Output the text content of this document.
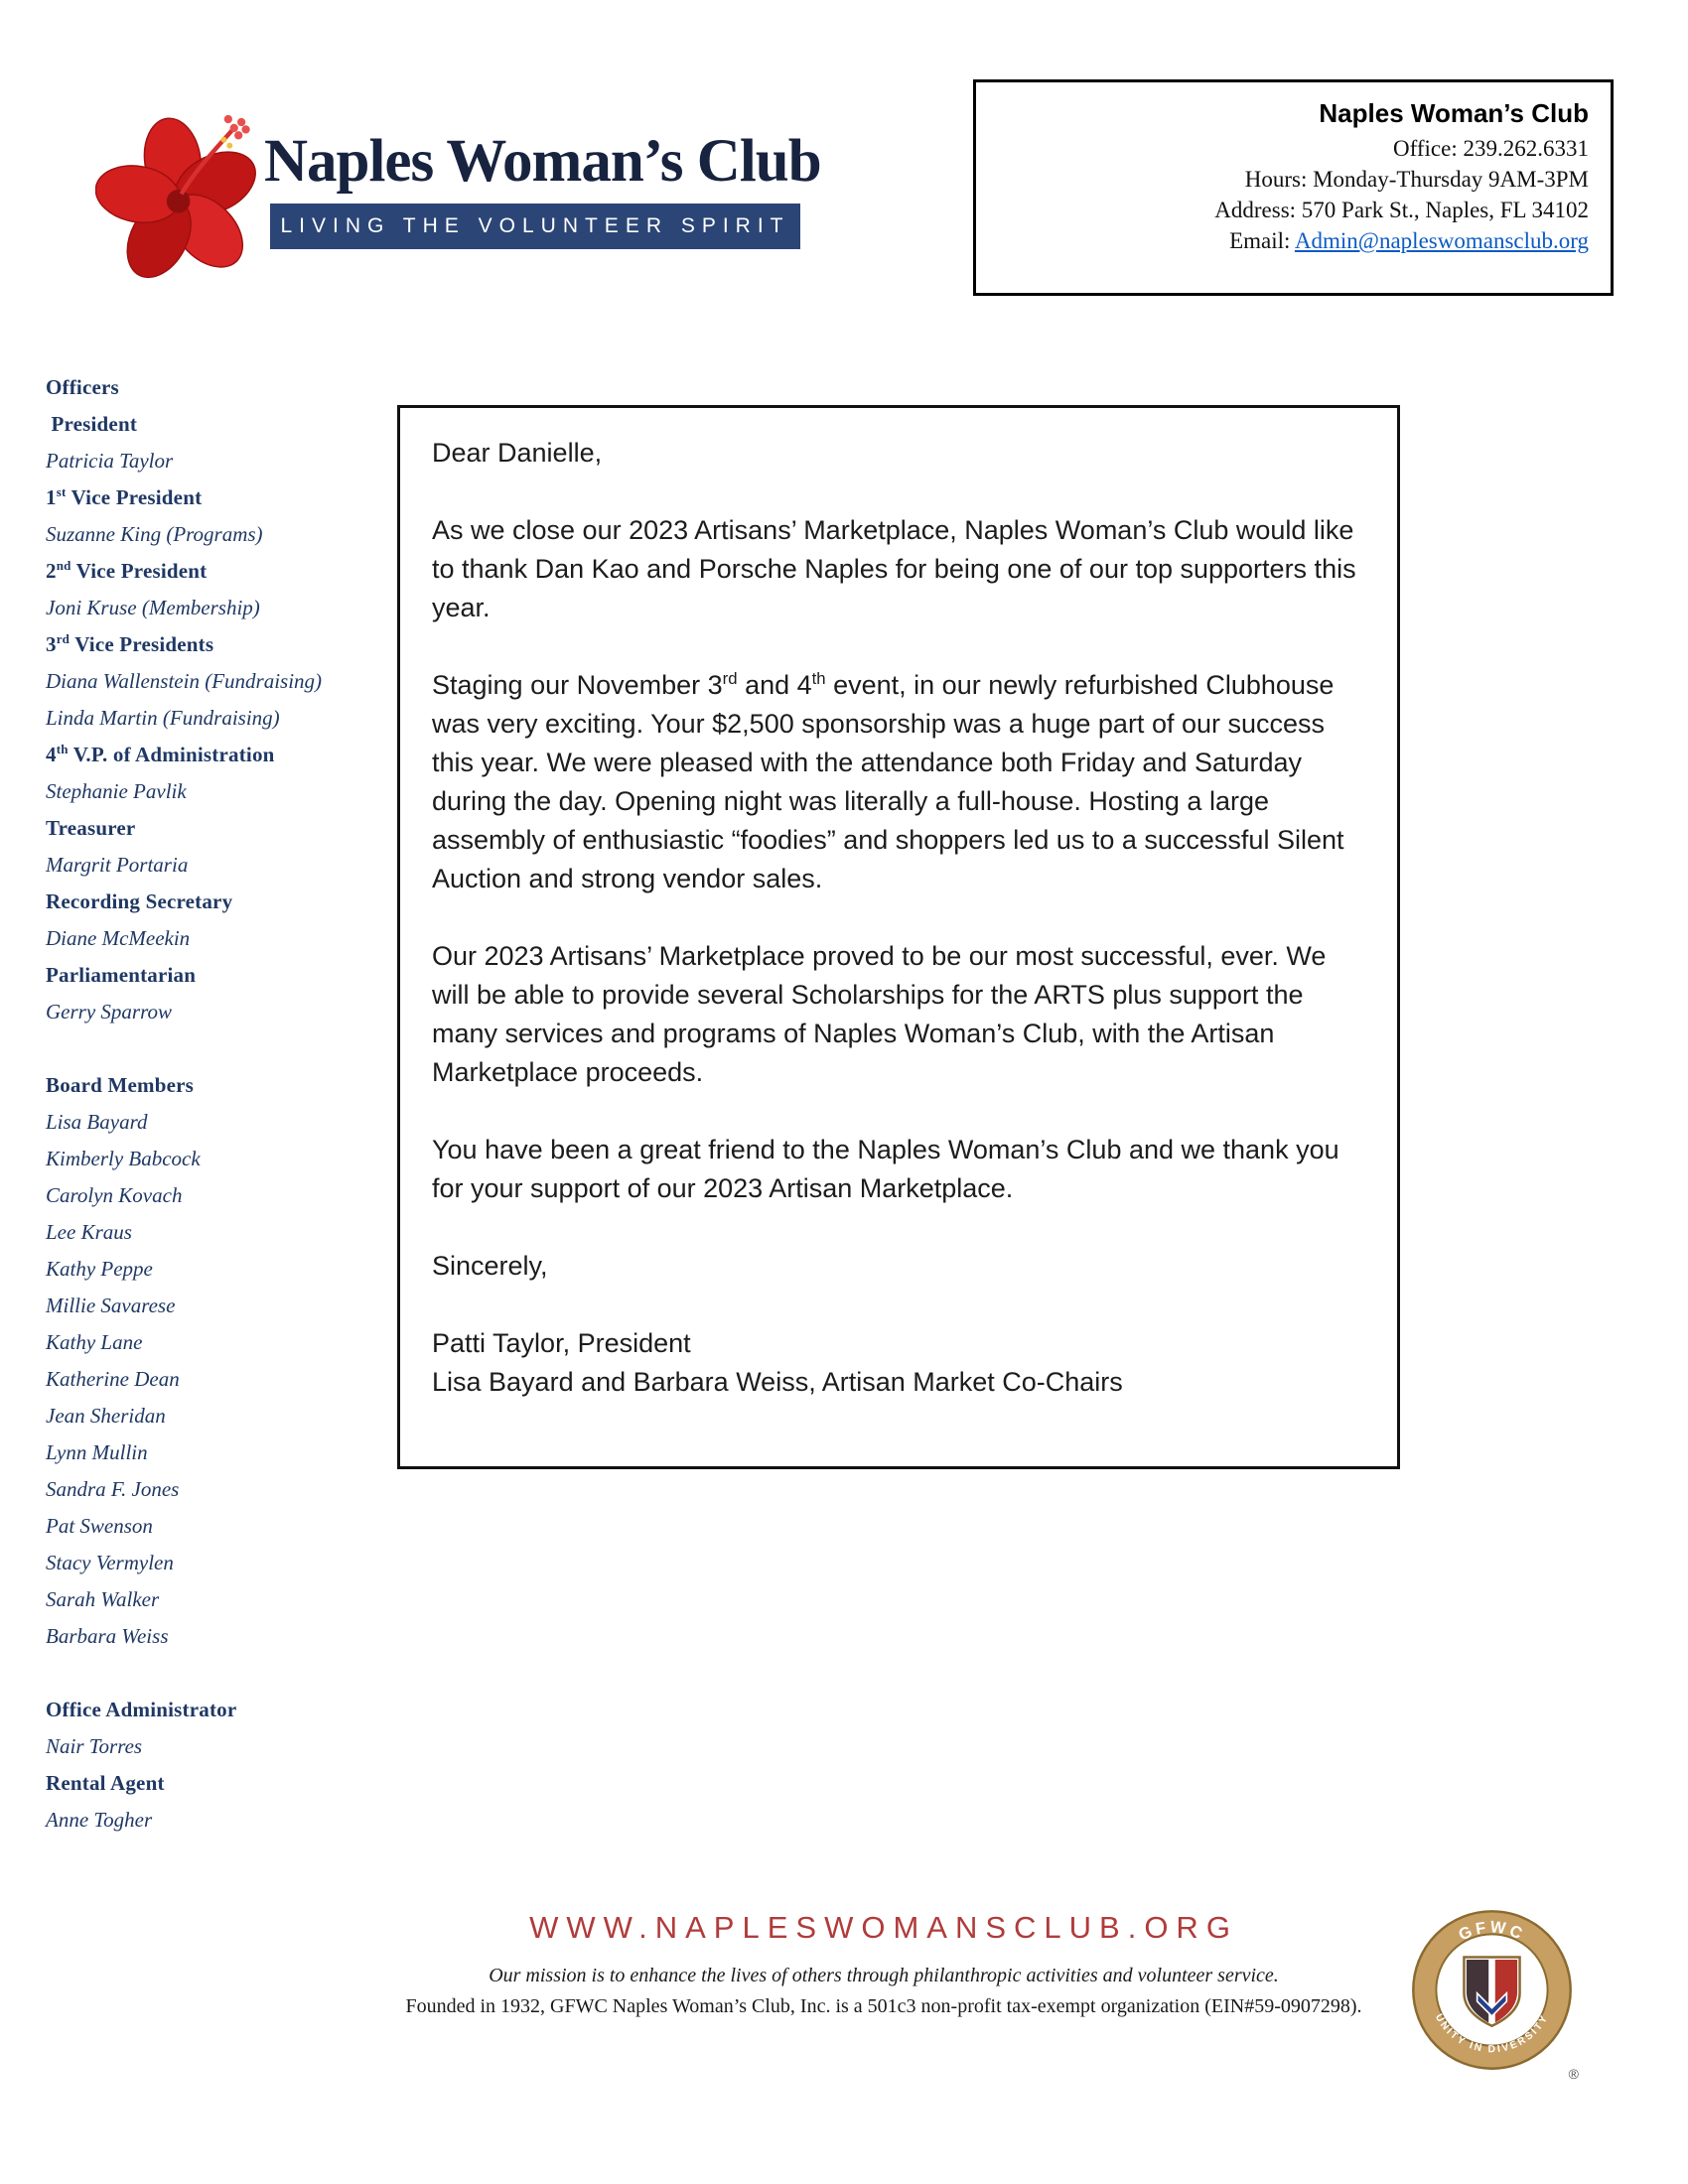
Naples Woman’s Club
LIVING THE VOLUNTEER SPIRIT
Naples Woman’s Club
Office: 239.262.6331
Hours: Monday-Thursday 9AM-3PM
Address: 570 Park St., Naples, FL 34102
Email: Admin@napleswomansclub.org
Officers
President
Patricia Taylor
1st Vice President
Suzanne King (Programs)
2nd Vice President
Joni Kruse (Membership)
3rd Vice Presidents
Diana Wallenstein (Fundraising)
Linda Martin (Fundraising)
4th V.P. of Administration
Stephanie Pavlik
Treasurer
Margrit Portaria
Recording Secretary
Diane McMeekin
Parliamentarian
Gerry Sparrow
Board Members
Lisa Bayard
Kimberly Babcock
Carolyn Kovach
Lee Kraus
Kathy Peppe
Millie Savarese
Kathy Lane
Katherine Dean
Jean Sheridan
Lynn Mullin
Sandra F. Jones
Pat Swenson
Stacy Vermylen
Sarah Walker
Barbara Weiss
Office Administrator
Nair Torres
Rental Agent
Anne Togher

Dear Danielle,

As we close our 2023 Artisans’ Marketplace, Naples Woman’s Club would like to thank Dan Kao and Porsche Naples for being one of our top supporters this year.

Staging our November 3rd and 4th event, in our newly refurbished Clubhouse was very exciting. Your $2,500 sponsorship was a huge part of our success this year. We were pleased with the attendance both Friday and Saturday during the day. Opening night was literally a full-house. Hosting a large assembly of enthusiastic “foodies” and shoppers led us to a successful Silent Auction and strong vendor sales.

Our 2023 Artisans’ Marketplace proved to be our most successful, ever. We will be able to provide several Scholarships for the ARTS plus support the many services and programs of Naples Woman’s Club, with the Artisan Marketplace proceeds.

You have been a great friend to the Naples Woman’s Club and we thank you for your support of our 2023 Artisan Marketplace.

Sincerely,

Patti Taylor, President
Lisa Bayard and Barbara Weiss, Artisan Market Co-Chairs

WWW.NAPLESWOMANSCLUB.ORG
Our mission is to enhance the lives of others through philanthropic activities and volunteer service.
Founded in 1932, GFWC Naples Woman’s Club, Inc. is a 501c3 non-profit tax-exempt organization (EIN#59-0907298).
GFWC
UNITY IN DIVERSITY
®
